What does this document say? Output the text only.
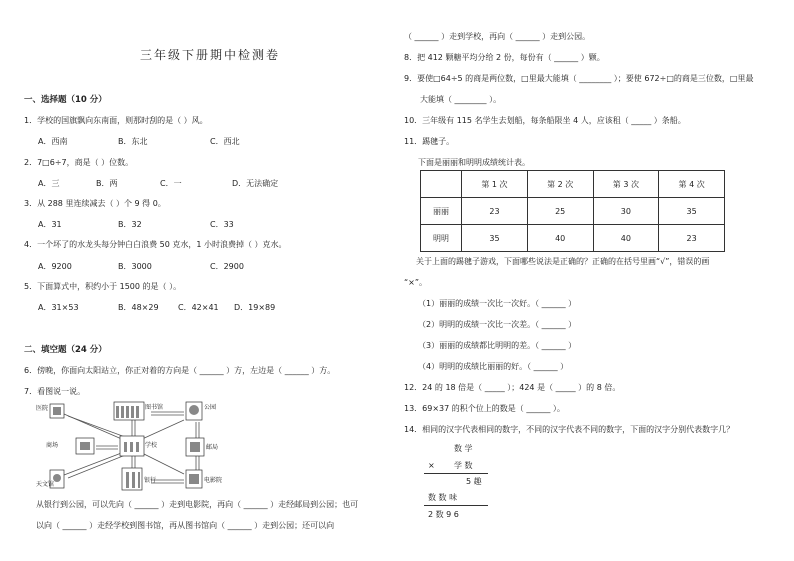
三年级下册期中检测卷
一、选择题（10 分）
1．学校的国旗飘向东南面，则那时刮的是（ ）风。
A．西南	B．东北	C．西北
2．7□6÷7，商是（ ）位数。
A．三	B．两	C．一	D．无法确定
3．从 288 里连续减去（ ）个 9 得 0。
A．31	B．32	C．33
4．一个坏了的水龙头每分钟白白浪费 50 克水，1 小时浪费掉（ ）克水。
A．9200	B．3000	C．2900
5．下面算式中，积约小于 1500 的是（ ）。
A．31×53	B．48×29 C．42×41 D．19×89
二、填空题（24 分）
6．傍晚，你面向太阳站立，你正对着的方向是（ ______ ）方，左边是（ ______ ）方。
7．看图说一说。
医院	图书馆	公园
商场	学校	邮局
天文馆
银行	电影院
从银行到公园，可以先向（ ______ ）走到电影院，再向（ ______ ）走经邮局到公园；也可
以向（ ______ ）走经学校到图书馆，再从图书馆向（ ______ ）走到公园；还可以向
（ ______ ）走到学校，再向（ ______ ）走到公园。
8．把 412 颗糖平均分给 2 份，每份有（ ______ ）颗。
9．要使□64÷5 的商是两位数，□里最大能填（ ________ ）；要使 672÷□的商是三位数，□里最
大能填（ ________ ）。
10．三年级有 115 名学生去划船，每条船限坐 4 人，应该租（ _____ ）条船。
11．踢毽子。
下面是丽丽和明明成绩统计表。
	第 1 次	第 2 次	第 3 次	第 4 次
丽丽	23	25	30	35
明明	35	40	40	23
关于上面的踢毽子游戏，下面哪些说法是正确的？正确的在括号里画“√”，错误的画
“×”。
（1）丽丽的成绩一次比一次好。（ ______ ）
（2）明明的成绩一次比一次差。（ ______ ）
（3）丽丽的成绩都比明明的差。（ ______ ）
（4）明明的成绩比丽丽的好。（ ______ ）
12．24 的 18 倍是（ _____ ）；424 是（ _____ ）的 8 倍。
13．69×37 的积个位上的数是（ ______ ）。
14．相同的汉字代表相同的数字，不同的汉字代表不同的数字，下面的汉字分别代表数字几？
数 学
× 学 数
5 趣
数 数 味
2 数 9 6
